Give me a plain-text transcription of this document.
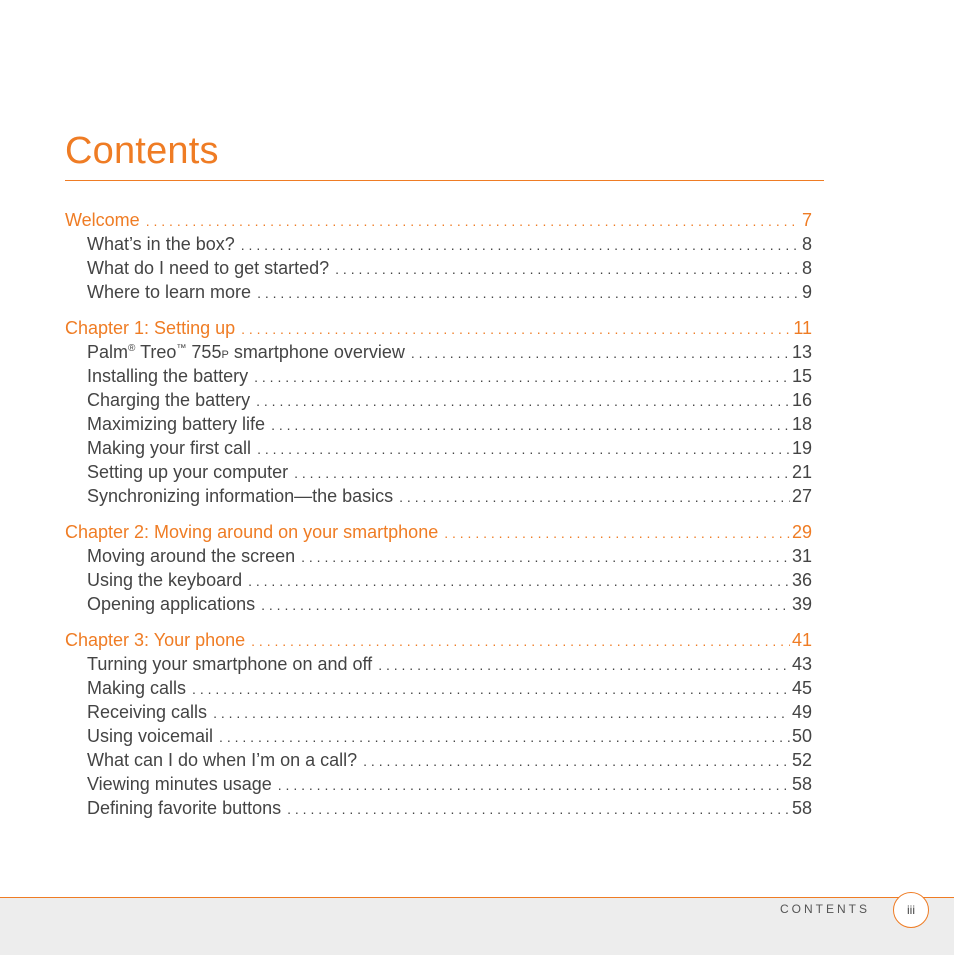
Contents
Welcome . . .	7
What’s in the box? . . .	8
What do I need to get started? . . .	8
Where to learn more . . .	9
Chapter 1: Setting up . . .	11
Palm® Treo™ 755P smartphone overview . . .	13
Installing the battery . . .	15
Charging the battery . . .	16
Maximizing battery life . . .	18
Making your first call . . .	19
Setting up your computer . . .	21
Synchronizing information—the basics . . .	27
Chapter 2: Moving around on your smartphone . . .	29
Moving around the screen . . .	31
Using the keyboard . . .	36
Opening applications . . .	39
Chapter 3: Your phone . . .	41
Turning your smartphone on and off . . .	43
Making calls . . .	45
Receiving calls . . .	49
Using voicemail . . .	50
What can I do when I’m on a call? . . .	52
Viewing minutes usage . . .	58
Defining favorite buttons . . .	58
CONTENTS	iii
